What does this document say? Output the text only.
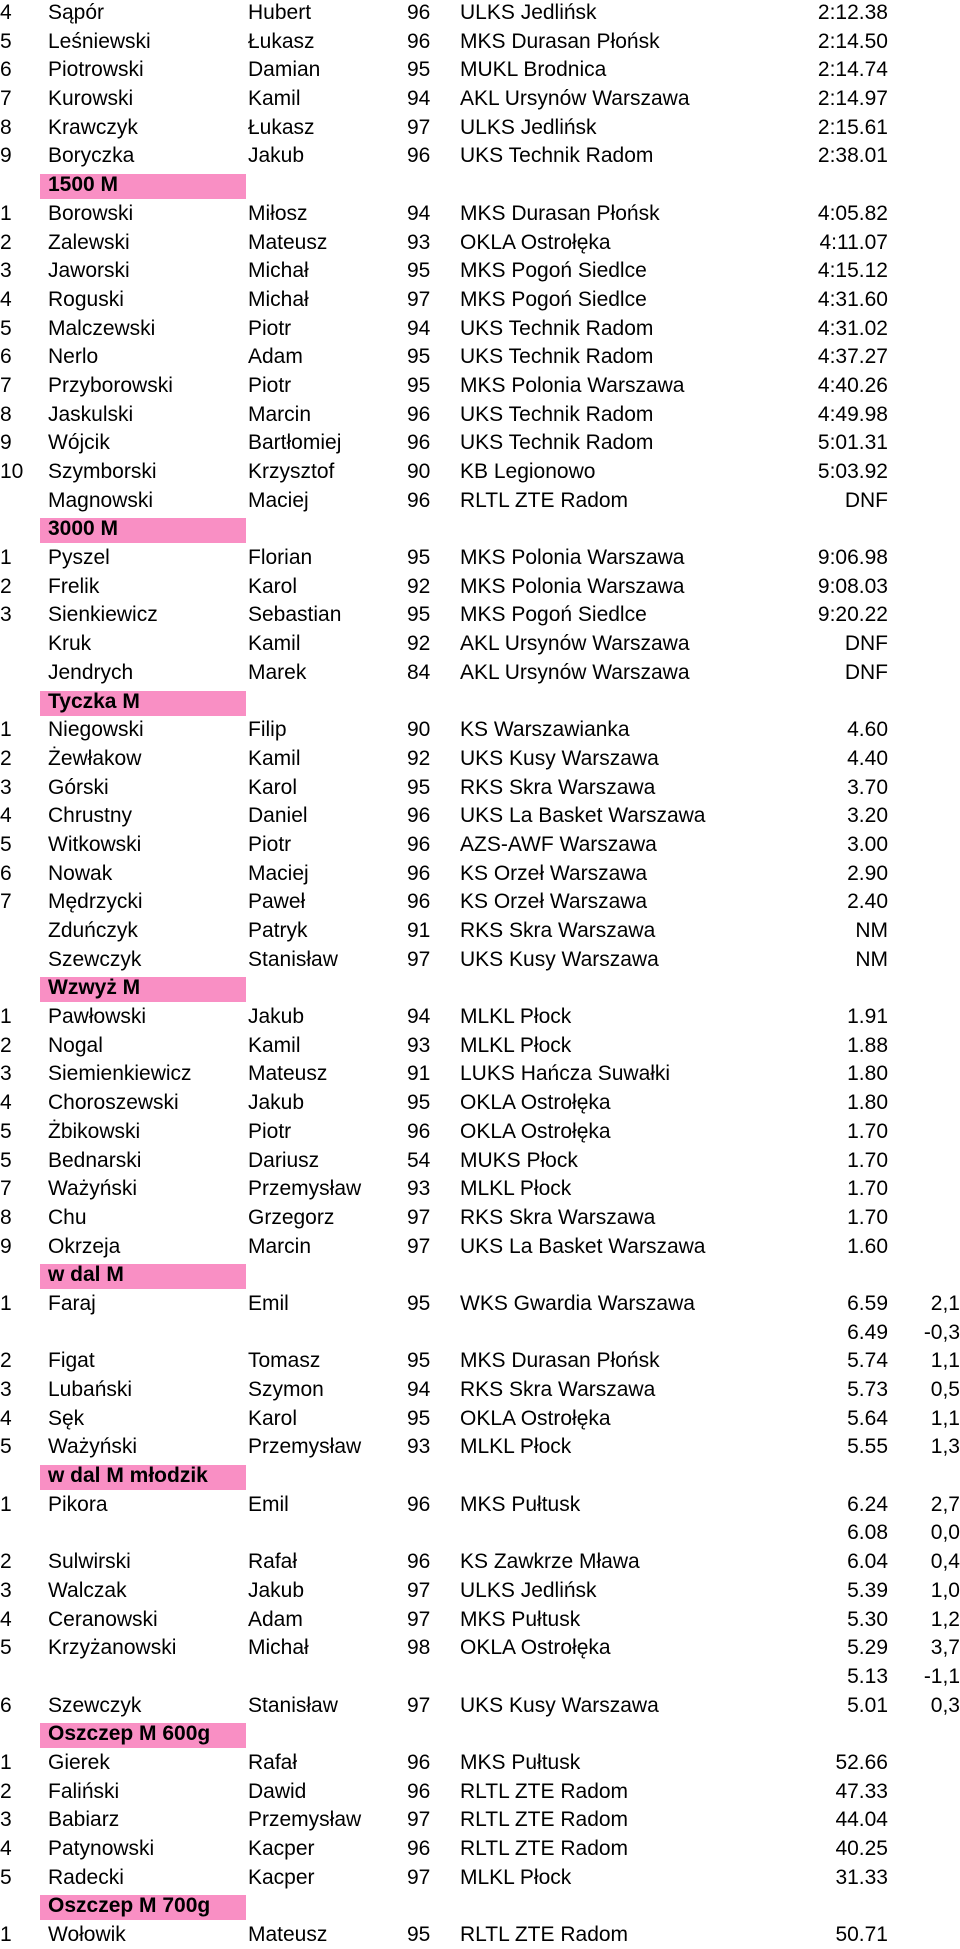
4 Sąpór	Hubert	96 ULKS Jedlińsk	2:12.38
5 Leśniewski	Łukasz	96 MKS Durasan Płońsk	2:14.50
6 Piotrowski	Damian	95 MUKL Brodnica	2:14.74
7 Kurowski	Kamil	94 AKL Ursynów Warszawa	2:14.97
8 Krawczyk	Łukasz	97 ULKS Jedlińsk	2:15.61
9 Boryczka	Jakub	96 UKS Technik Radom	2:38.01
1500 M
1 Borowski	Miłosz	94 MKS Durasan Płońsk	4:05.82
2 Zalewski	Mateusz	93 OKLA Ostrołęka	4:11.07
3 Jaworski	Michał	95 MKS Pogoń Siedlce	4:15.12
4 Roguski	Michał	97 MKS Pogoń Siedlce	4:31.60
5 Malczewski	Piotr	94 UKS Technik Radom	4:31.02
6 Nerlo	Adam	95 UKS Technik Radom	4:37.27
7 Przyborowski	Piotr	95 MKS Polonia Warszawa	4:40.26
8 Jaskulski	Marcin	96 UKS Technik Radom	4:49.98
9 Wójcik	Bartłomiej	96 UKS Technik Radom	5:01.31
10 Szymborski	Krzysztof	90 KB Legionowo	5:03.92
Magnowski	Maciej	96 RLTL ZTE Radom	DNF
3000 M
1 Pyszel	Florian	95 MKS Polonia Warszawa	9:06.98
2 Frelik	Karol	92 MKS Polonia Warszawa	9:08.03
3 Sienkiewicz	Sebastian	95 MKS Pogoń Siedlce	9:20.22
Kruk	Kamil	92 AKL Ursynów Warszawa	DNF
Jendrych	Marek	84 AKL Ursynów Warszawa	DNF
Tyczka M
1 Niegowski	Filip	90 KS Warszawianka	4.60
2 Żewłakow	Kamil	92 UKS Kusy Warszawa	4.40
3 Górski	Karol	95 RKS Skra Warszawa	3.70
4 Chrustny	Daniel	96 UKS La Basket Warszawa	3.20
5 Witkowski	Piotr	96 AZS-AWF Warszawa	3.00
6 Nowak	Maciej	96 KS Orzeł Warszawa	2.90
7 Mędrzycki	Paweł	96 KS Orzeł Warszawa	2.40
Zduńczyk	Patryk	91 RKS Skra Warszawa	NM
Szewczyk	Stanisław	97 UKS Kusy Warszawa	NM
Wzwyż M
1 Pawłowski	Jakub	94 MLKL Płock	1.91
2 Nogal	Kamil	93 MLKL Płock	1.88
3 Siemienkiewicz	Mateusz	91 LUKS Hańcza Suwałki	1.80
4 Choroszewski	Jakub	95 OKLA Ostrołęka	1.80
5 Żbikowski	Piotr	96 OKLA Ostrołęka	1.70
5 Bednarski	Dariusz	54 MUKS Płock	1.70
7 Ważyński	Przemysław 93 MLKL Płock	1.70
8 Chu	Grzegorz	97 RKS Skra Warszawa	1.70
9 Okrzeja	Marcin	97 UKS La Basket Warszawa	1.60
w dal M
1 Faraj	Emil	95 WKS Gwardia Warszawa	6.59 2,1
6.49 -0,3
2 Figat	Tomasz	95 MKS Durasan Płońsk	5.74 1,1
3 Lubański	Szymon	94 RKS Skra Warszawa	5.73 0,5
4 Sęk	Karol	95 OKLA Ostrołęka	5.64 1,1
5 Ważyński	Przemysław 93 MLKL Płock	5.55 1,3
w dal M młodzik
1 Pikora	Emil	96 MKS Pułtusk	6.24 2,7
6.08 0,0
2 Sulwirski	Rafał	96 KS Zawkrze Mława	6.04 0,4
3 Walczak	Jakub	97 ULKS Jedlińsk	5.39 1,0
4 Ceranowski	Adam	97 MKS Pułtusk	5.30 1,2
5 Krzyżanowski	Michał	98 OKLA Ostrołęka	5.29 3,7
5.13 -1,1
6 Szewczyk	Stanisław	97 UKS Kusy Warszawa	5.01 0,3
Oszczep M 600g
1 Gierek	Rafał	96 MKS Pułtusk	52.66
2 Faliński	Dawid	96 RLTL ZTE Radom	47.33
3 Babiarz	Przemysław 97 RLTL ZTE Radom	44.04
4 Patynowski	Kacper	96 RLTL ZTE Radom	40.25
5 Radecki	Kacper	97 MLKL Płock	31.33
Oszczep M 700g
1 Wołowik	Mateusz	95 RLTL ZTE Radom	50.71
